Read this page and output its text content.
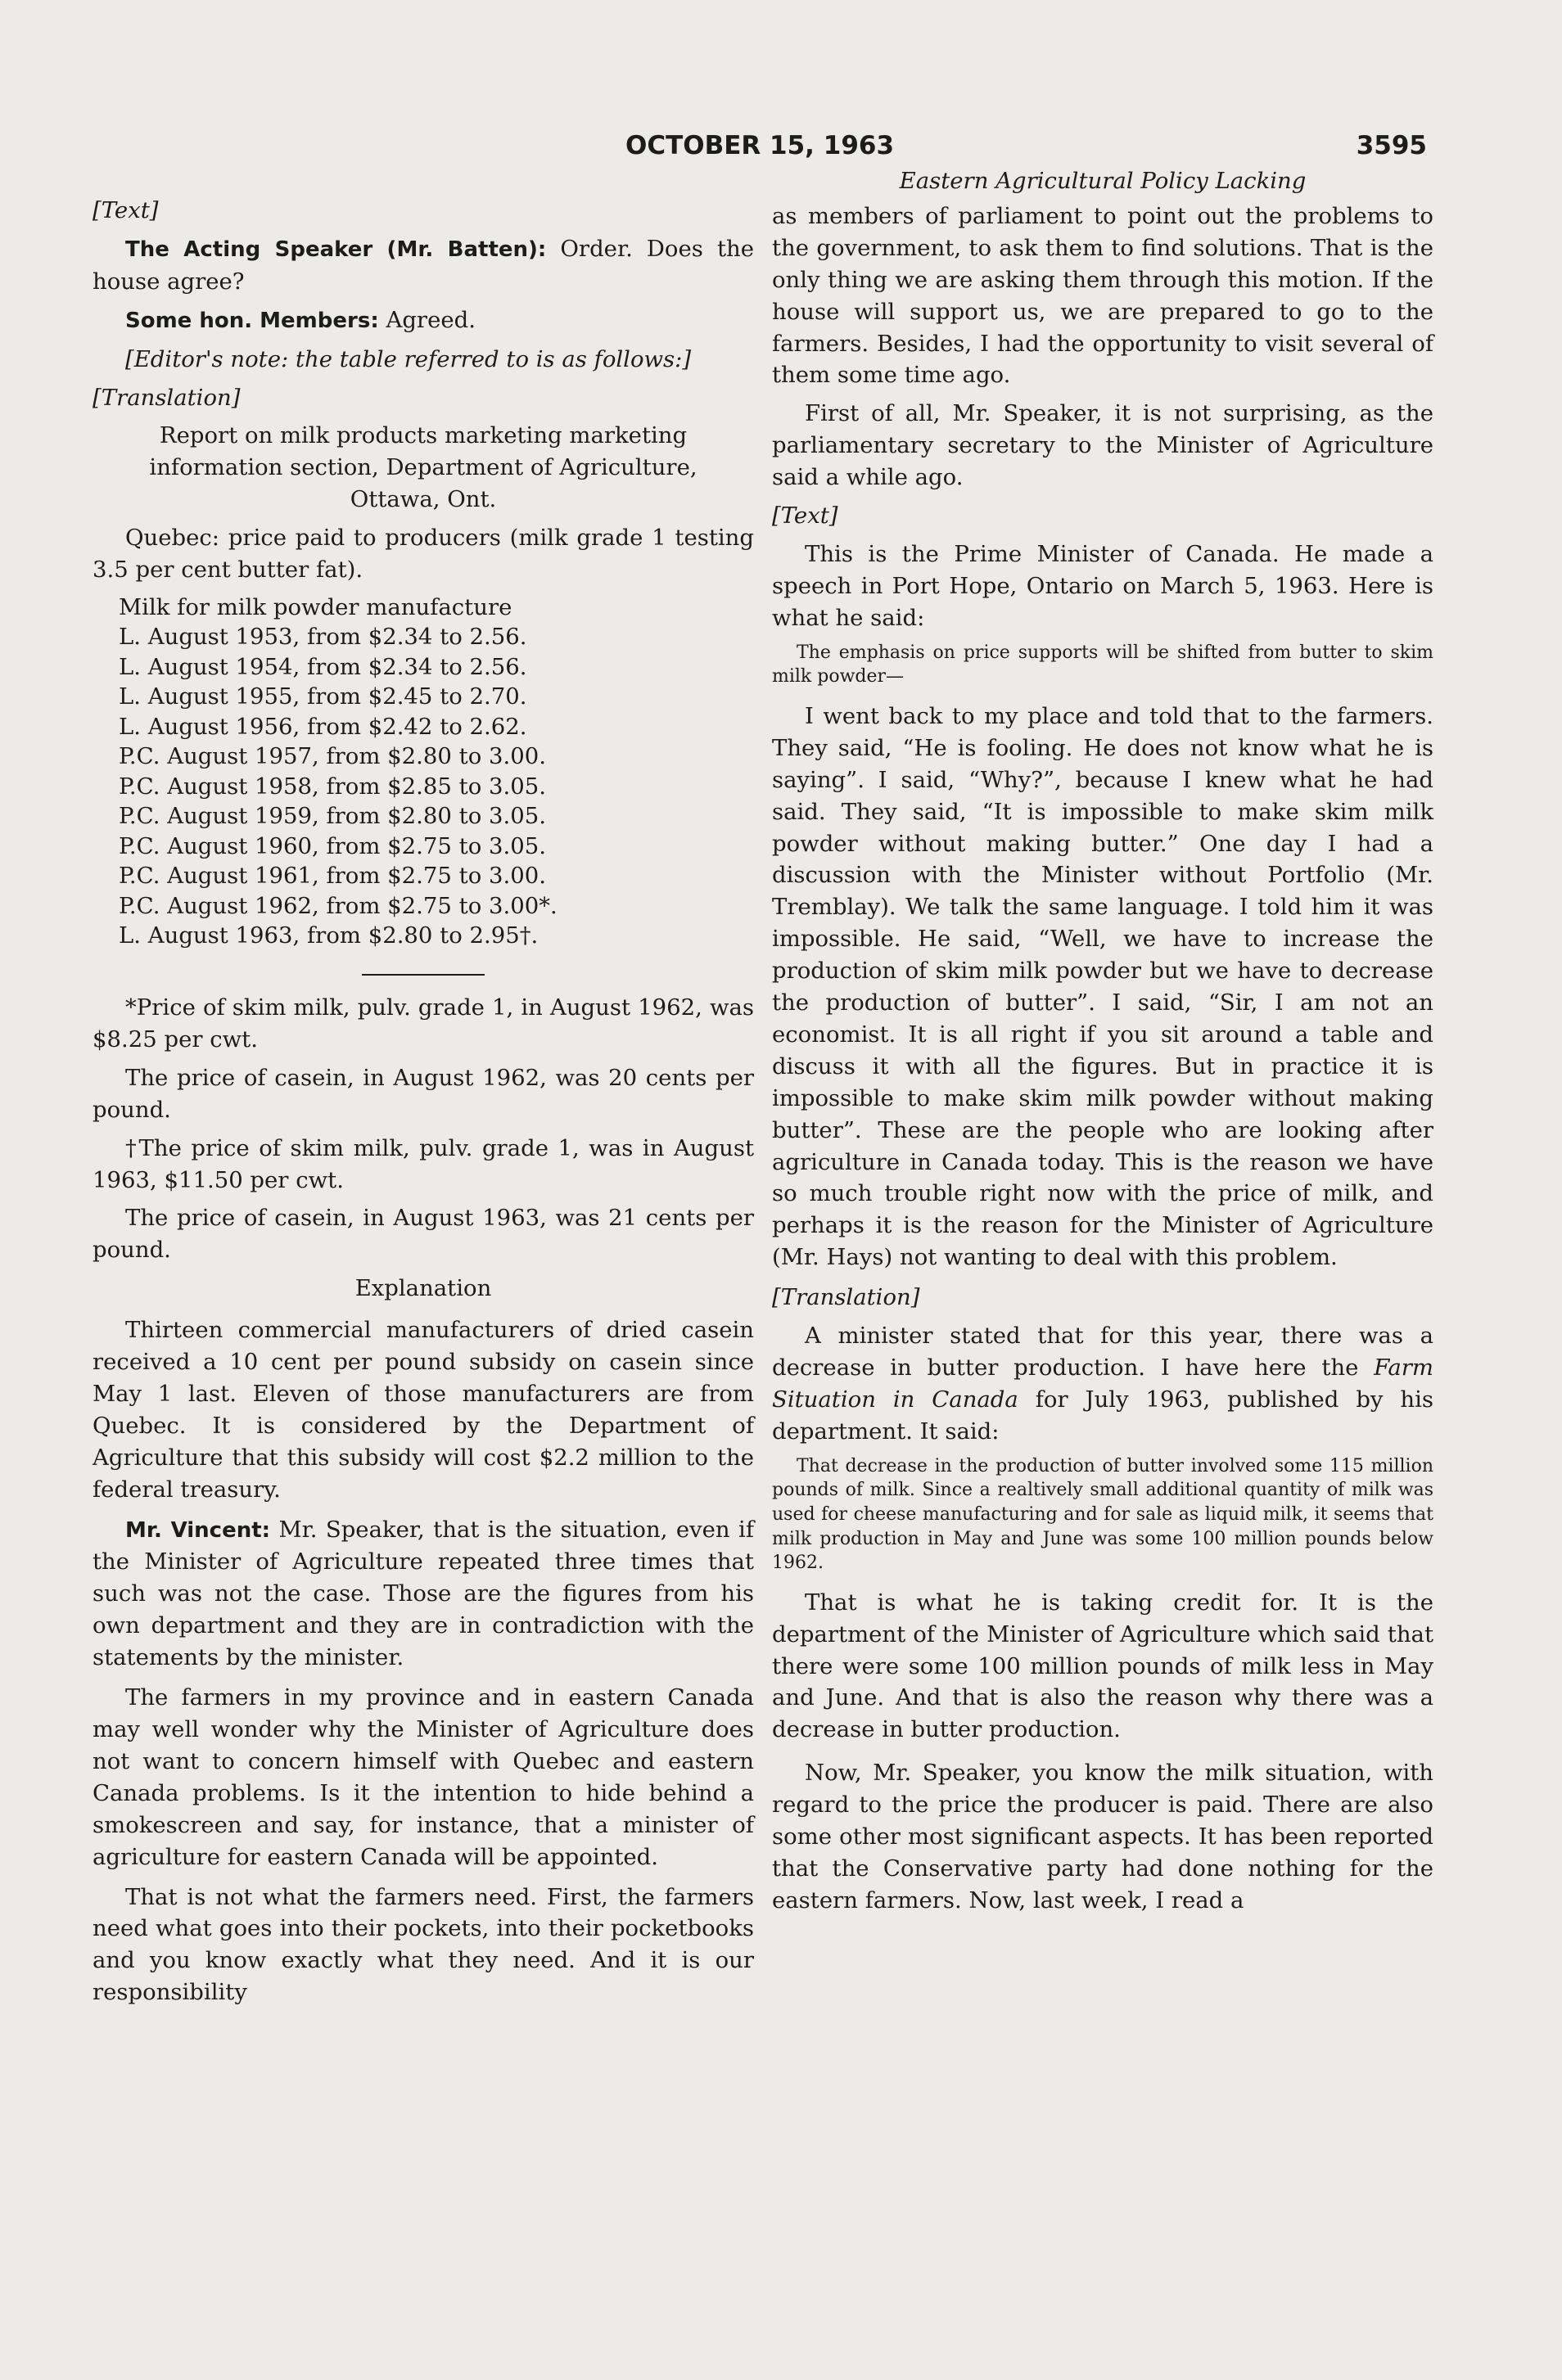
OCTOBER 15, 1963	3595

[Text]

The Acting Speaker (Mr. Batten): Order. Does the house agree?

Some hon. Members: Agreed.

[Editor's note: the table referred to is as follows:]

[Translation]

Report on milk products marketing marketing information section, Department of Agriculture, Ottawa, Ont.

Quebec: price paid to producers (milk grade 1 testing 3.5 per cent butter fat).

Milk for milk powder manufacture
L. August 1953, from $2.34 to 2.56.
L. August 1954, from $2.34 to 2.56.
L. August 1955, from $2.45 to 2.70.
L. August 1956, from $2.42 to 2.62.
P.C. August 1957, from $2.80 to 3.00.
P.C. August 1958, from $2.85 to 3.05.
P.C. August 1959, from $2.80 to 3.05.
P.C. August 1960, from $2.75 to 3.05.
P.C. August 1961, from $2.75 to 3.00.
P.C. August 1962, from $2.75 to 3.00*.
L. August 1963, from $2.80 to 2.95†.

*Price of skim milk, pulv. grade 1, in August 1962, was $8.25 per cwt.

The price of casein, in August 1962, was 20 cents per pound.

†The price of skim milk, pulv. grade 1, was in August 1963, $11.50 per cwt.

The price of casein, in August 1963, was 21 cents per pound.

Explanation

Thirteen commercial manufacturers of dried casein received a 10 cent per pound subsidy on casein since May 1 last. Eleven of those manufacturers are from Quebec. It is considered by the Department of Agriculture that this subsidy will cost $2.2 million to the federal treasury.

Mr. Vincent: Mr. Speaker, that is the situation, even if the Minister of Agriculture repeated three times that such was not the case. Those are the figures from his own department and they are in contradiction with the statements by the minister.

The farmers in my province and in eastern Canada may well wonder why the Minister of Agriculture does not want to concern himself with Quebec and eastern Canada problems. Is it the intention to hide behind a smokescreen and say, for instance, that a minister of agriculture for eastern Canada will be appointed.

That is not what the farmers need. First, the farmers need what goes into their pockets, into their pocketbooks and you know exactly what they need. And it is our responsibility

Eastern Agricultural Policy Lacking

as members of parliament to point out the problems to the government, to ask them to find solutions. That is the only thing we are asking them through this motion. If the house will support us, we are prepared to go to the farmers. Besides, I had the opportunity to visit several of them some time ago.

First of all, Mr. Speaker, it is not surprising, as the parliamentary secretary to the Minister of Agriculture said a while ago.

[Text]

This is the Prime Minister of Canada. He made a speech in Port Hope, Ontario on March 5, 1963. Here is what he said:

The emphasis on price supports will be shifted from butter to skim milk powder—

I went back to my place and told that to the farmers. They said, “He is fooling. He does not know what he is saying”. I said, “Why?”, because I knew what he had said. They said, “It is impossible to make skim milk powder without making butter.” One day I had a discussion with the Minister without Portfolio (Mr. Tremblay). We talk the same language. I told him it was impossible. He said, “Well, we have to increase the production of skim milk powder but we have to decrease the production of butter”. I said, “Sir, I am not an economist. It is all right if you sit around a table and discuss it with all the figures. But in practice it is impossible to make skim milk powder without making butter”. These are the people who are looking after agriculture in Canada today. This is the reason we have so much trouble right now with the price of milk, and perhaps it is the reason for the Minister of Agriculture (Mr. Hays) not wanting to deal with this problem.

[Translation]

A minister stated that for this year, there was a decrease in butter production. I have here the Farm Situation in Canada for July 1963, published by his department. It said:

That decrease in the production of butter involved some 115 million pounds of milk. Since a realtively small additional quantity of milk was used for cheese manufacturing and for sale as liquid milk, it seems that milk production in May and June was some 100 million pounds below 1962.

That is what he is taking credit for. It is the department of the Minister of Agriculture which said that there were some 100 million pounds of milk less in May and June. And that is also the reason why there was a decrease in butter production.

Now, Mr. Speaker, you know the milk situation, with regard to the price the producer is paid. There are also some other most significant aspects. It has been reported that the Conservative party had done nothing for the eastern farmers. Now, last week, I read a
